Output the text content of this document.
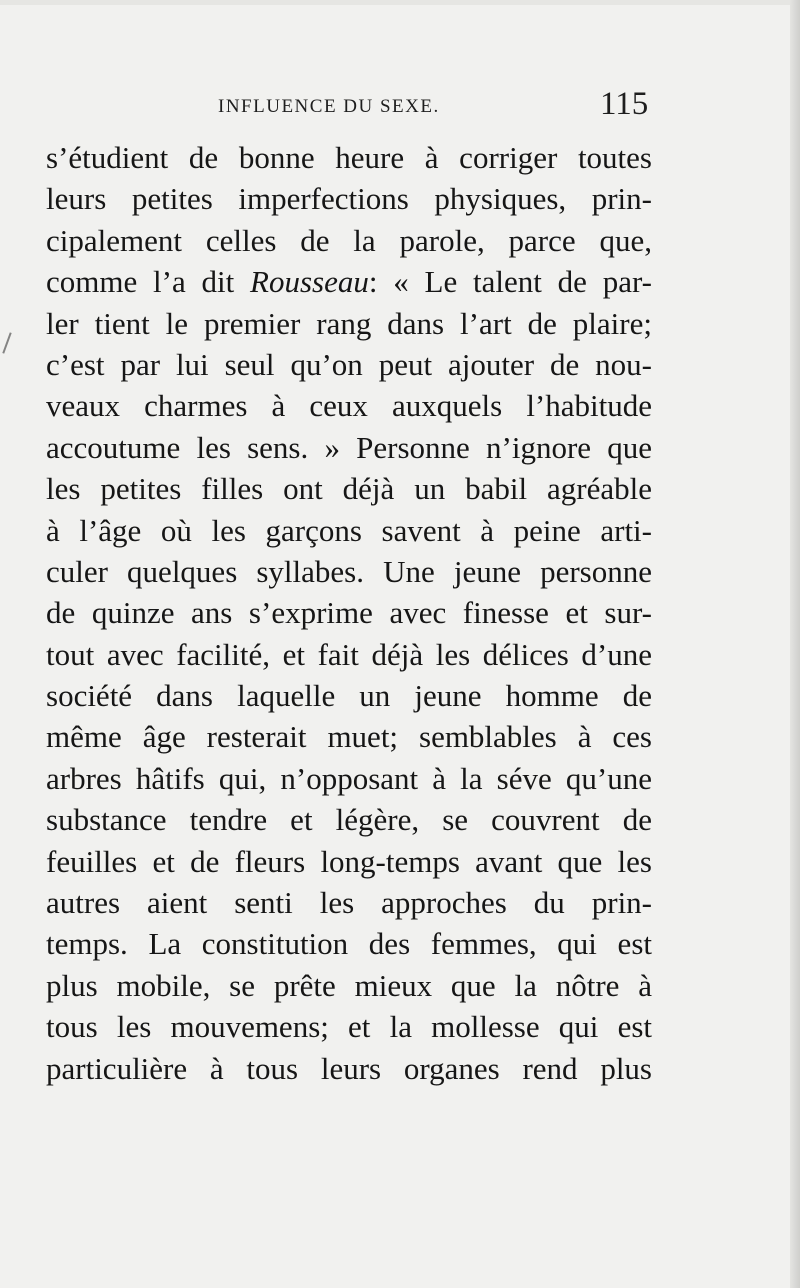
INFLUENCE DU SEXE.	115
s’étudient de bonne heure à corriger toutes
leurs petites imperfections physiques, prin-
cipalement celles de la parole, parce que,
comme l’a dit Rousseau: « Le talent de par-
ler tient le premier rang dans l’art de plaire;
c’est par lui seul qu’on peut ajouter de nou-
veaux charmes à ceux auxquels l’habitude
accoutume les sens. » Personne n’ignore que
les petites filles ont déjà un babil agréable
à l’âge où les garçons savent à peine arti-
culer quelques syllabes. Une jeune personne
de quinze ans s’exprime avec finesse et sur-
tout avec facilité, et fait déjà les délices d’une
société dans laquelle un jeune homme de
même âge resterait muet; semblables à ces
arbres hâtifs qui, n’opposant à la séve qu’une
substance tendre et légère, se couvrent de
feuilles et de fleurs long-temps avant que les
autres aient senti les approches du prin-
temps. La constitution des femmes, qui est
plus mobile, se prête mieux que la nôtre à
tous les mouvemens; et la mollesse qui est
particulière à tous leurs organes rend plus
